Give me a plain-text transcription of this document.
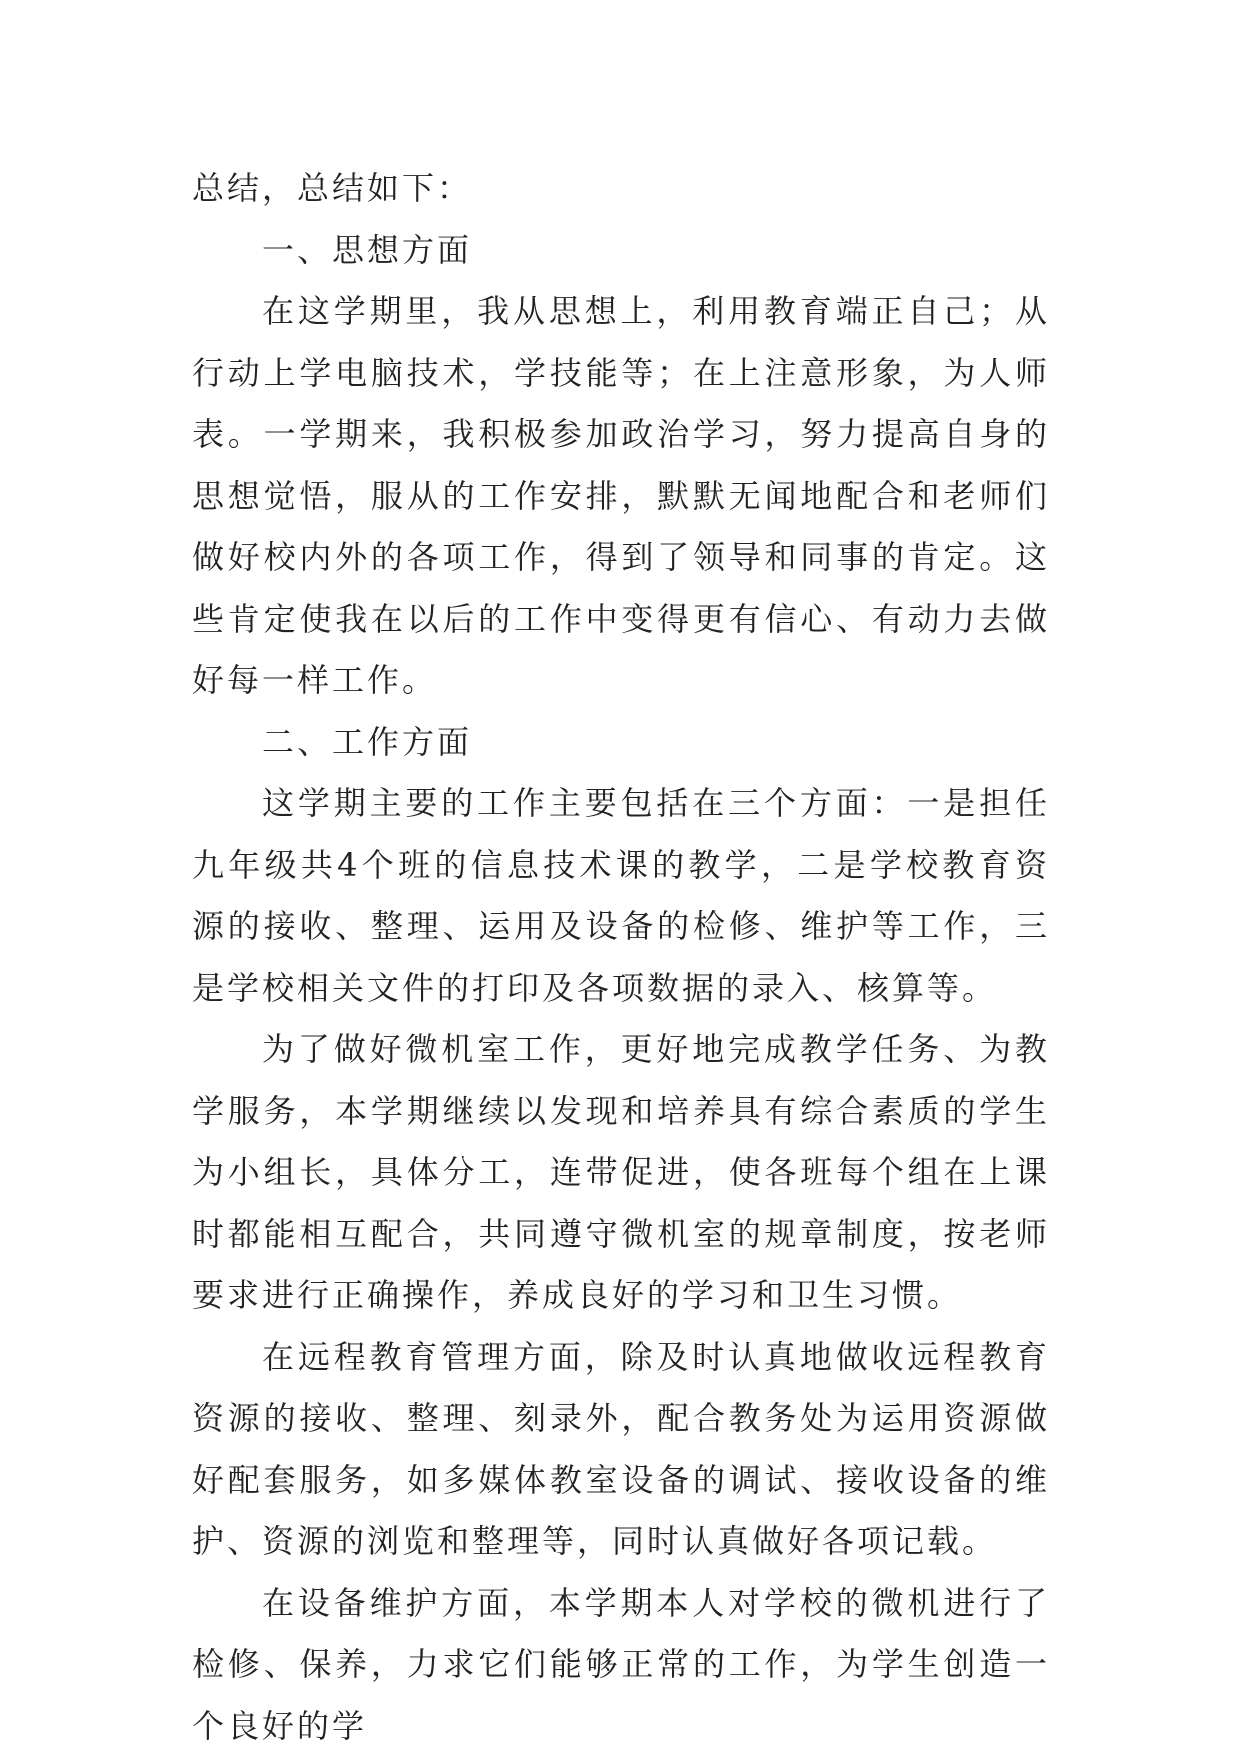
总结，总结如下：

一、思想方面

在这学期里，我从思想上，利用教育端正自己；从行动上学电脑技术，学技能等；在上注意形象，为人师表。一学期来，我积极参加政治学习，努力提高自身的思想觉悟，服从的工作安排，默默无闻地配合和老师们做好校内外的各项工作，得到了领导和同事的肯定。这些肯定使我在以后的工作中变得更有信心、有动力去做好每一样工作。

二、工作方面

这学期主要的工作主要包括在三个方面：一是担任九年级共4个班的信息技术课的教学，二是学校教育资源的接收、整理、运用及设备的检修、维护等工作，三是学校相关文件的打印及各项数据的录入、核算等。

为了做好微机室工作，更好地完成教学任务、为教学服务，本学期继续以发现和培养具有综合素质的学生为小组长，具体分工，连带促进，使各班每个组在上课时都能相互配合，共同遵守微机室的规章制度，按老师要求进行正确操作，养成良好的学习和卫生习惯。

在远程教育管理方面，除及时认真地做收远程教育资源的接收、整理、刻录外，配合教务处为运用资源做好配套服务，如多媒体教室设备的调试、接收设备的维护、资源的浏览和整理等，同时认真做好各项记载。

在设备维护方面，本学期本人对学校的微机进行了检修、保养，力求它们能够正常的工作，为学生创造一个良好的学
